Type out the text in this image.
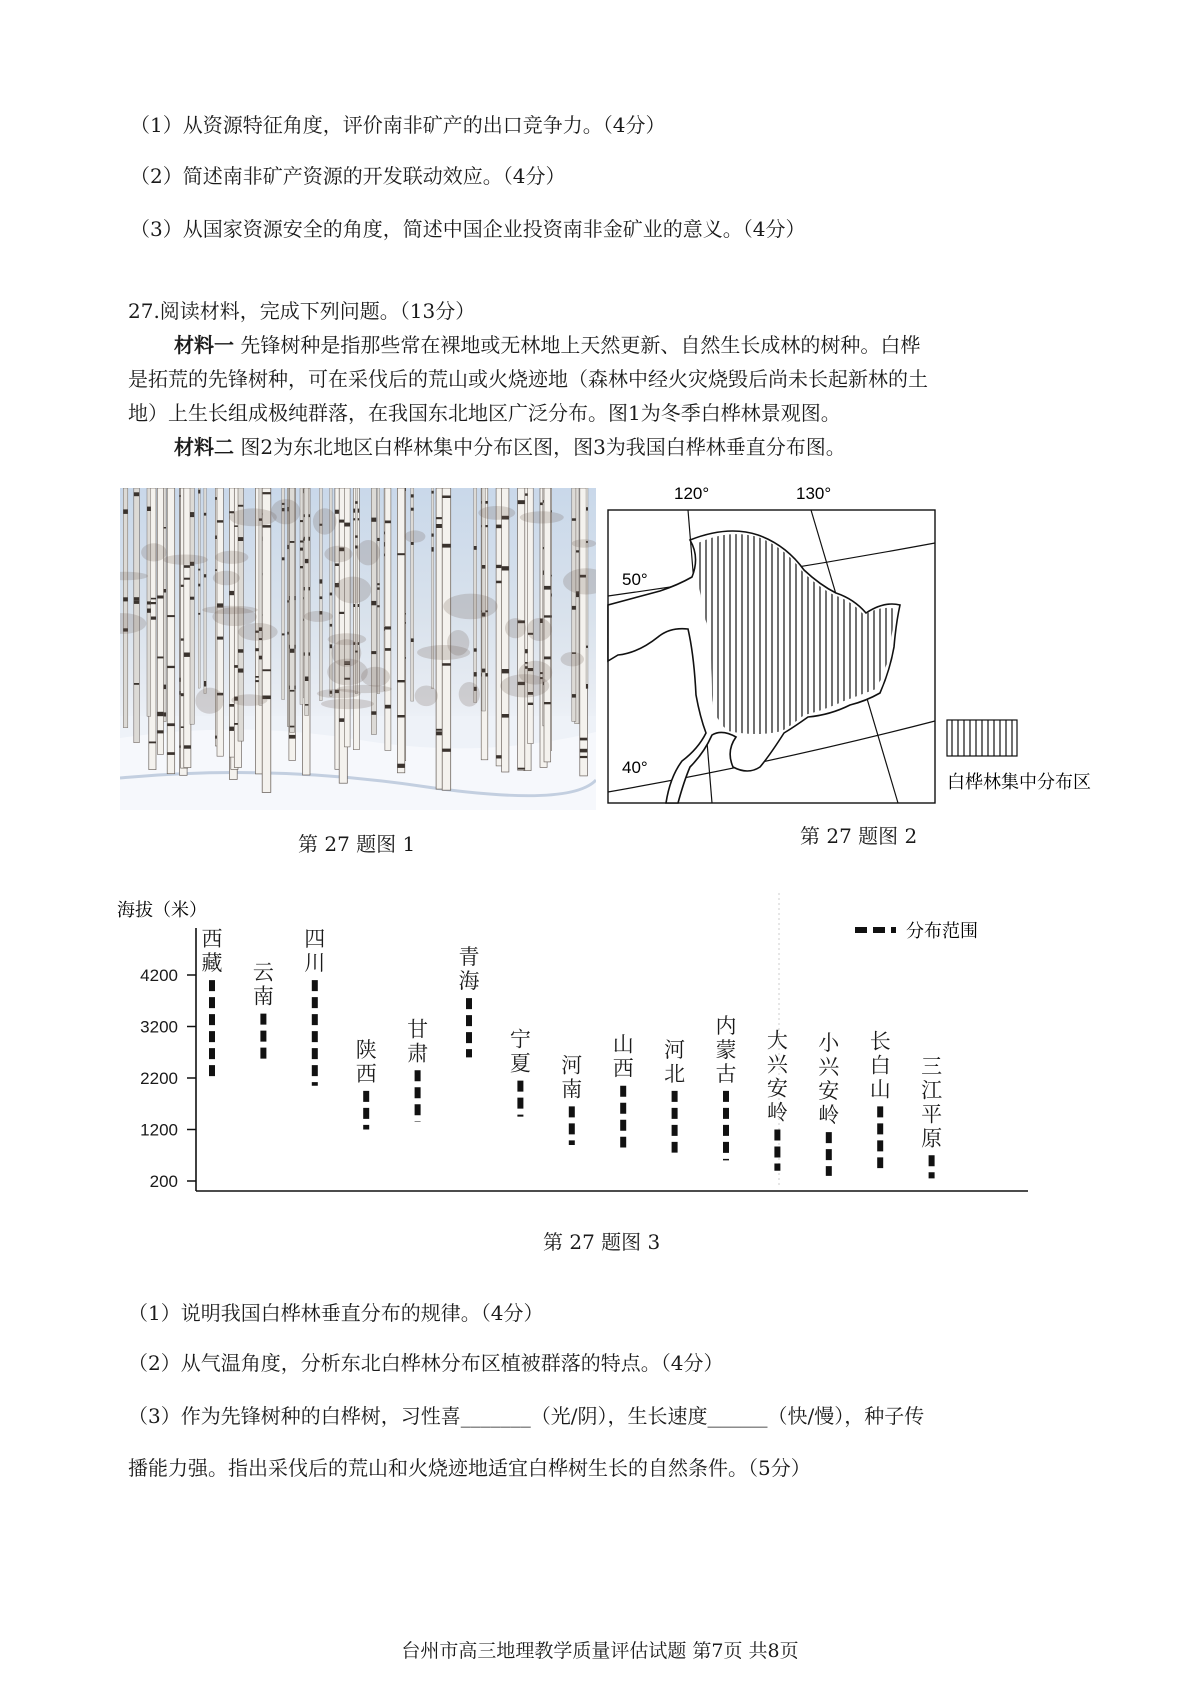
（1）从资源特征角度，评价南非矿产的出口竞争力。（4分）
（2）简述南非矿产资源的开发联动效应。（4分）
（3）从国家资源安全的角度，简述中国企业投资南非金矿业的意义。（4分）
27.阅读材料，完成下列问题。（13分）
材料一 先锋树种是指那些常在裸地或无林地上天然更新、自然生长成林的树种。白桦
是拓荒的先锋树种，可在采伐后的荒山或火烧迹地（森林中经火灾烧毁后尚未长起新林的土
地）上生长组成极纯群落，在我国东北地区广泛分布。图1为冬季白桦林景观图。
材料二 图2为东北地区白桦林集中分布区图，图3为我国白桦林垂直分布图。
第 27 题图 1
120°	130°
50°
40°
白桦林集中分布区
第 27 题图 2
海拔（米）
200
1200
2200
3200
4200
西
藏 云
南
四
川
陕
西
甘
肃
青
海
宁
夏 河
南
山
西
河
北
内
蒙
古
大
兴
安
岭
小
兴
安
岭
长
白
山
三
江
平
原
分布范围
第 27 题图 3
（1）说明我国白桦林垂直分布的规律。（4分）
（2）从气温角度，分析东北白桦林分布区植被群落的特点。（4分）
（3）作为先锋树种的白桦树，习性喜_______（光/阴），生长速度______（快/慢），种子传
播能力强。指出采伐后的荒山和火烧迹地适宜白桦树生长的自然条件。（5分）
台州市高三地理教学质量评估试题 第7页 共8页
